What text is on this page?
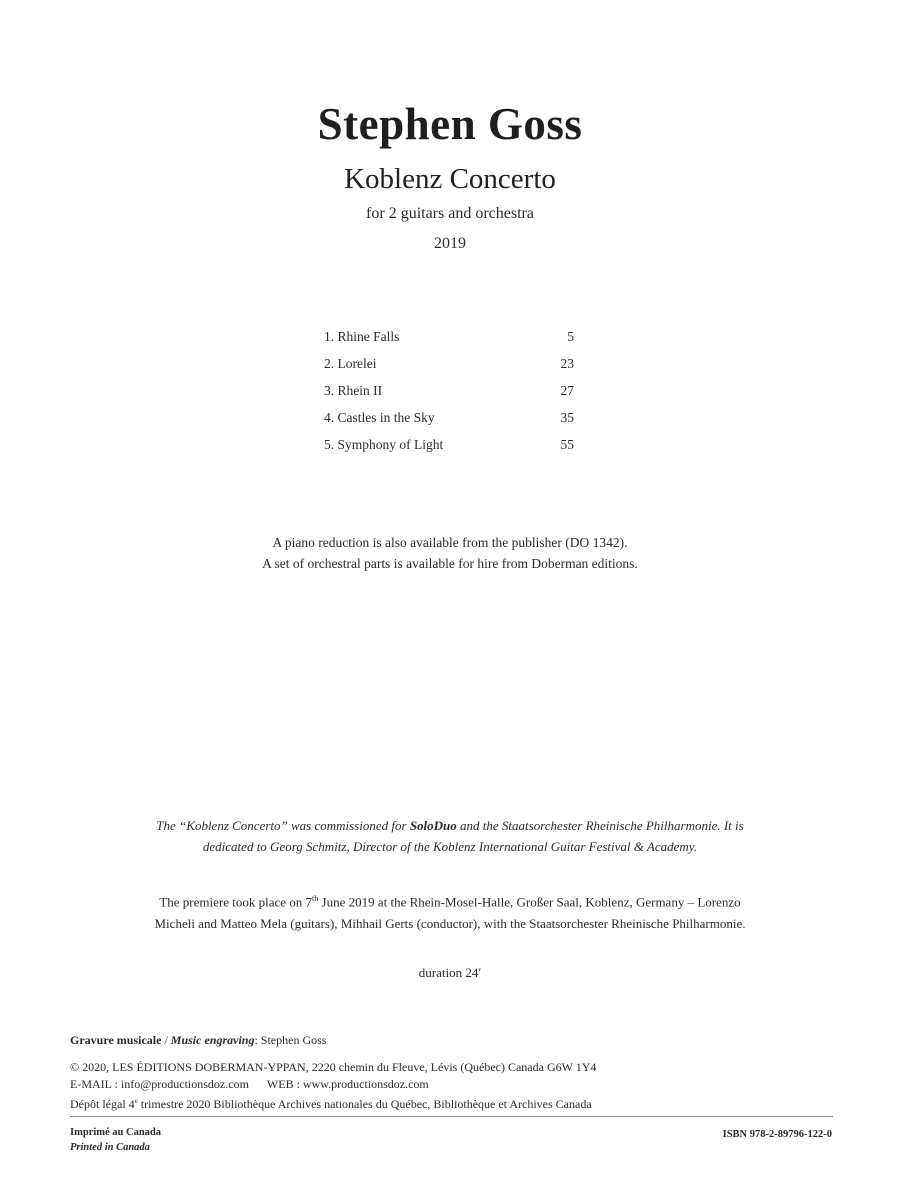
Stephen Goss
Koblenz Concerto
for 2 guitars and orchestra
2019
1. Rhine Falls	5
2. Lorelei	23
3. Rhein II	27
4. Castles in the Sky	35
5. Symphony of Light	55
A piano reduction is also available from the publisher (DO 1342).
A set of orchestral parts is available for hire from Doberman editions.
The “Koblenz Concerto” was commissioned for SoloDuo and the Staatsorchester Rheinische Philharmonie. It is dedicated to Georg Schmitz, Director of the Koblenz International Guitar Festival & Academy.
The premiere took place on 7th June 2019 at the Rhein-Mosel-Halle, Großer Saal, Koblenz, Germany – Lorenzo Micheli and Matteo Mela (guitars), Mihhail Gerts (conductor), with the Staatsorchester Rheinische Philharmonie.
duration 24′
Gravure musicale / Music engraving: Stephen Goss
© 2020, LES ÉDITIONS DOBERMAN-YPPAN, 2220 chemin du Fleuve, Lévis (Québec) Canada G6W 1Y4
E-MAIL : info@productionsdoz.com WEB : www.productionsdoz.com
Dépôt légal 4e trimestre 2020 Bibliothèque Archives nationales du Québec, Bibliothèque et Archives Canada
Imprimé au Canada
Printed in Canada
ISBN 978-2-89796-122-0
